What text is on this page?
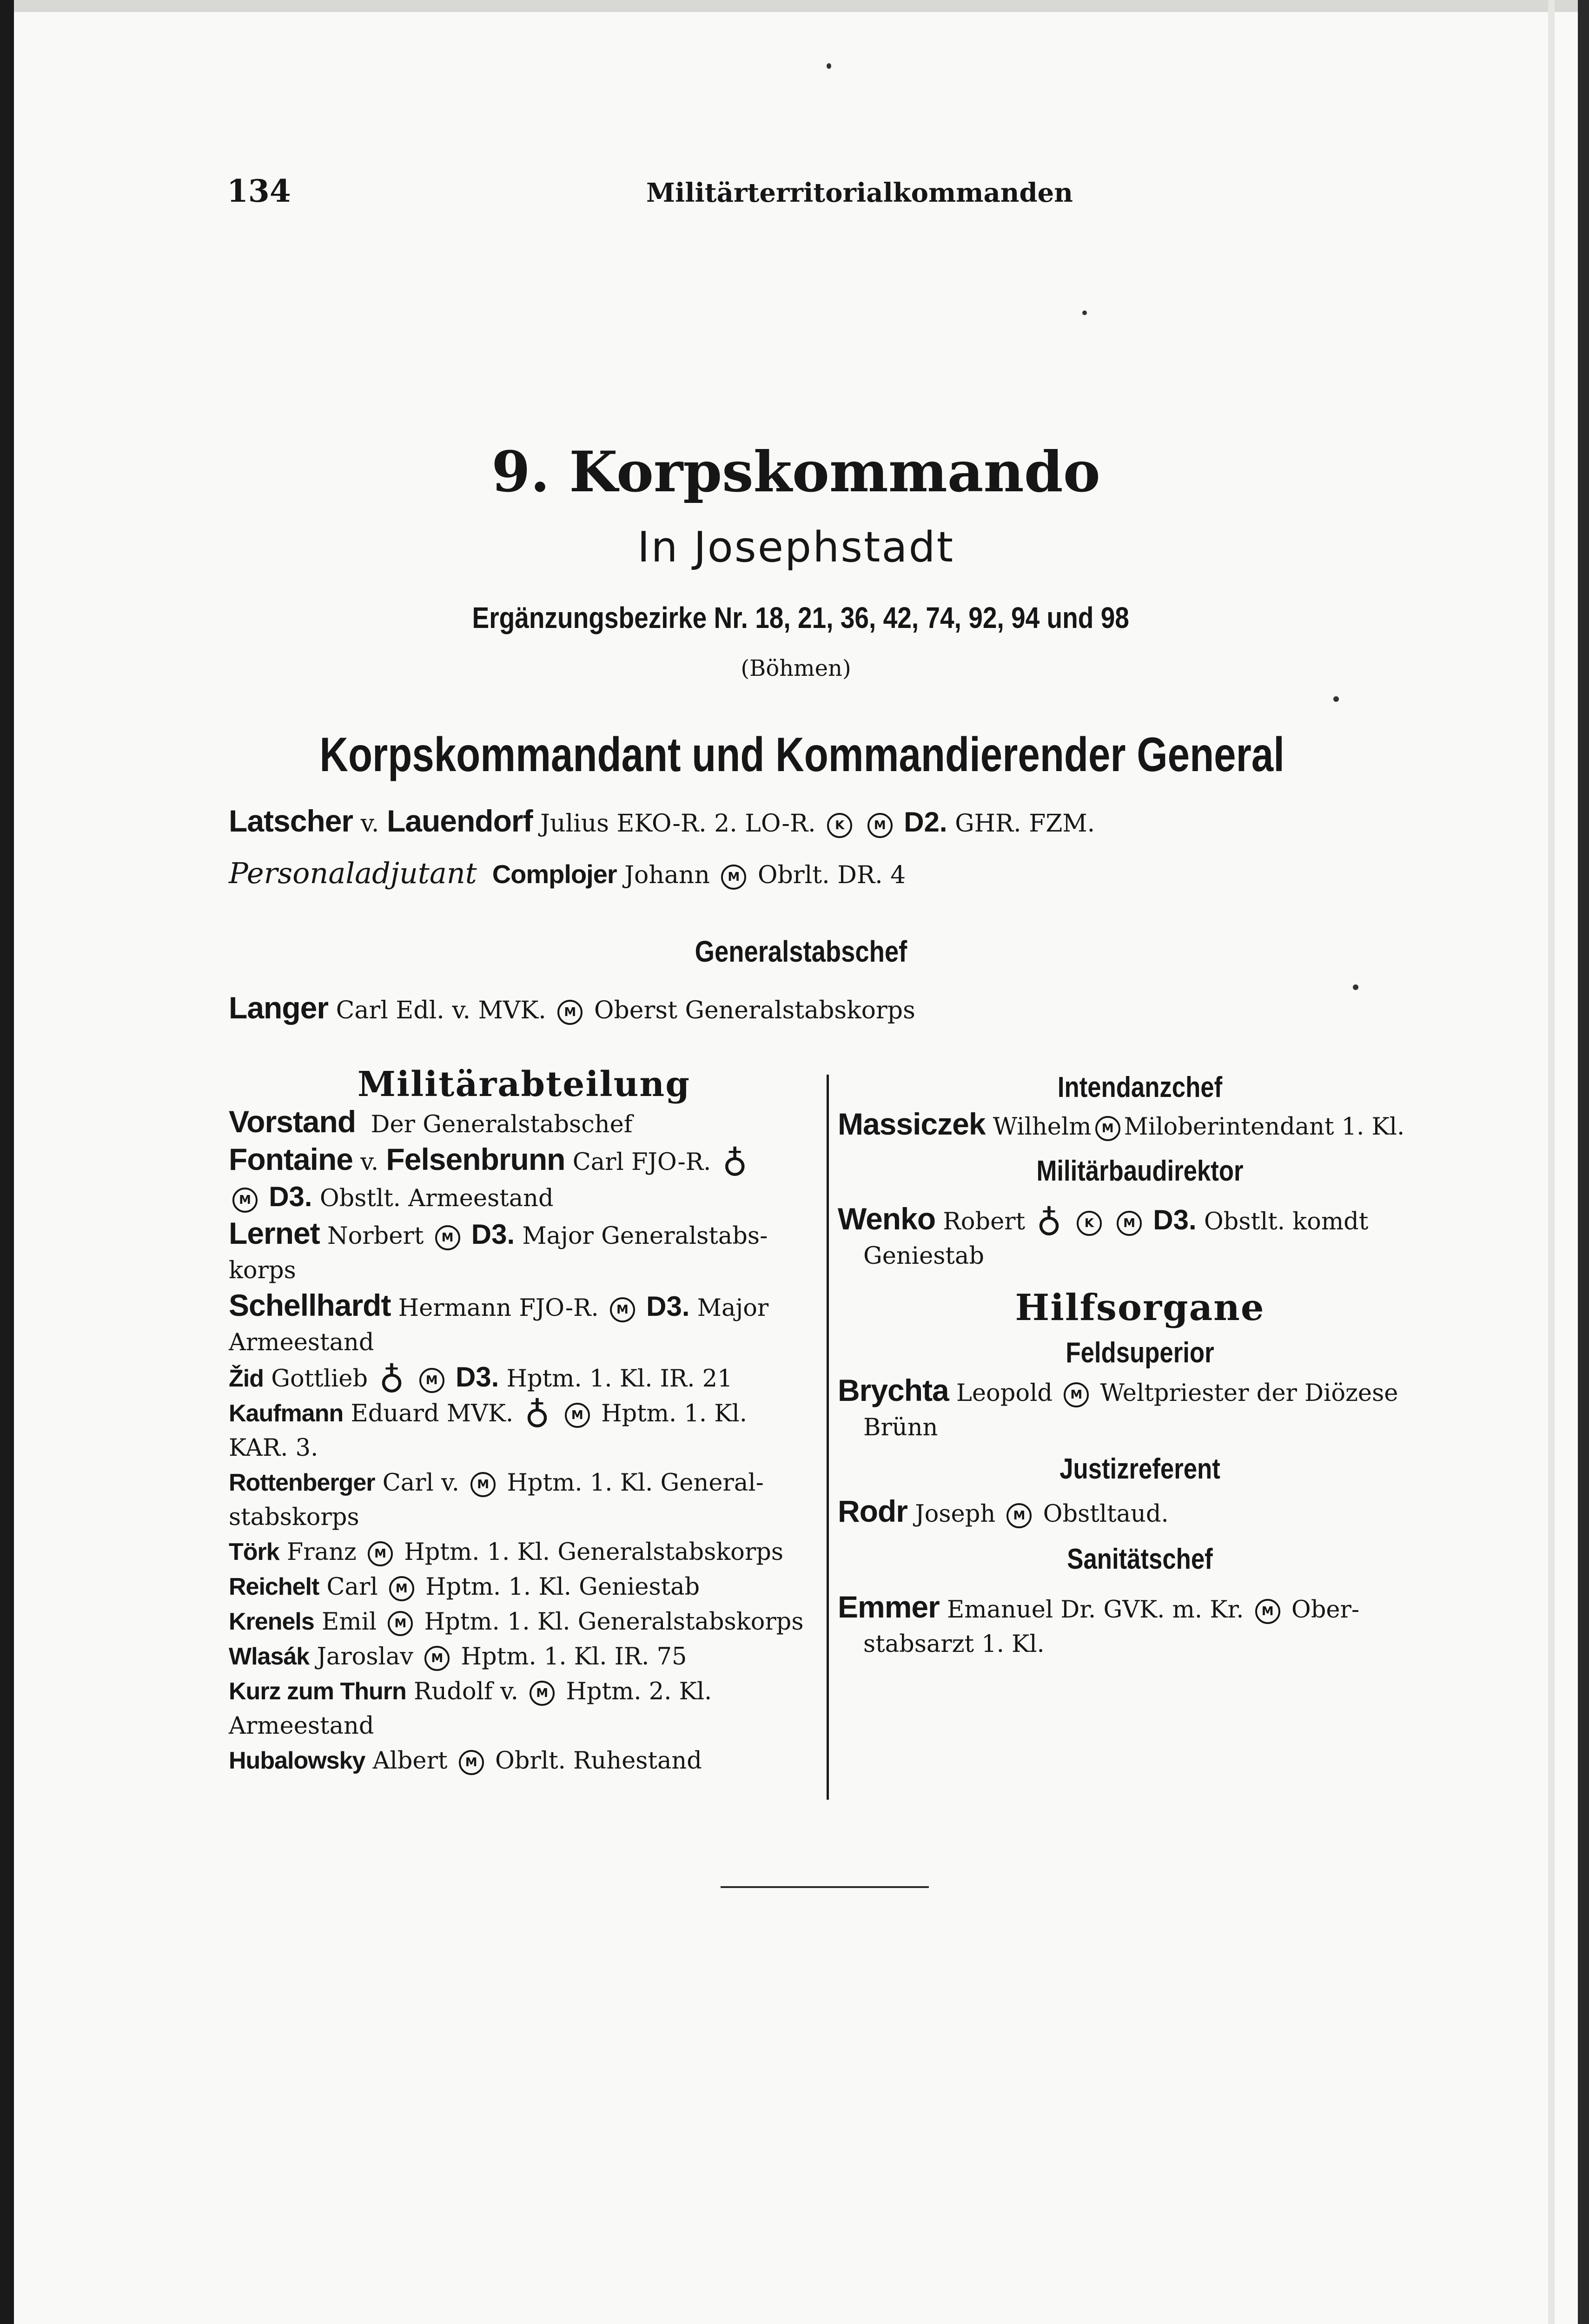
134	Militärterritorialkommanden
9. Korpskommando
In Josephstadt
Ergänzungsbezirke Nr. 18, 21, 36, 42, 74, 92, 94 und 98
(Böhmen)
Korpskommandant und Kommandierender General
Latscher v. Lauendorf Julius EKO-R. 2. LO-R. K M D2. GHR. FZM.
Personaladjutant Complojer Johann M Obrlt. DR. 4
Generalstabschef
Langer Carl Edl. v. MVK. M Oberst Generalstabskorps
Militärabteilung
Vorstand Der Generalstabschef
Fontaine v. Felsenbrunn Carl FJO-R. ♁
M D3. Obstlt. Armeestand
Lernet Norbert M D3. Major Generalstabs-
korps
Schellhardt Hermann FJO-R. M D3. Major
Armeestand
Žid Gottlieb ♁ M D3. Hptm. 1. Kl. IR. 21
Kaufmann Eduard MVK. ♁ M Hptm. 1. Kl.
KAR. 3.
Rottenberger Carl v. M Hptm. 1. Kl. General-
stabskorps
Törk Franz M Hptm. 1. Kl. Generalstabskorps
Reichelt Carl M Hptm. 1. Kl. Geniestab
Krenels Emil M Hptm. 1. Kl. Generalstabskorps
Wlasák Jaroslav M Hptm. 1. Kl. IR. 75
Kurz zum Thurn Rudolf v. M Hptm. 2. Kl.
Armeestand
Hubalowsky Albert M Obrlt. Ruhestand
Intendanzchef
Massiczek Wilhelm M Miloberintendant 1. Kl.
Militärbaudirektor
Wenko Robert ♁ K M D3. Obstlt. komdt
Geniestab
Hilfsorgane
Feldsuperior
Brychta Leopold M Weltpriester der Diözese
Brünn
Justizreferent
Rodr Joseph M Obstltaud.
Sanitätschef
Emmer Emanuel Dr. GVK. m. Kr. M Ober-
stabsarzt 1. Kl.
